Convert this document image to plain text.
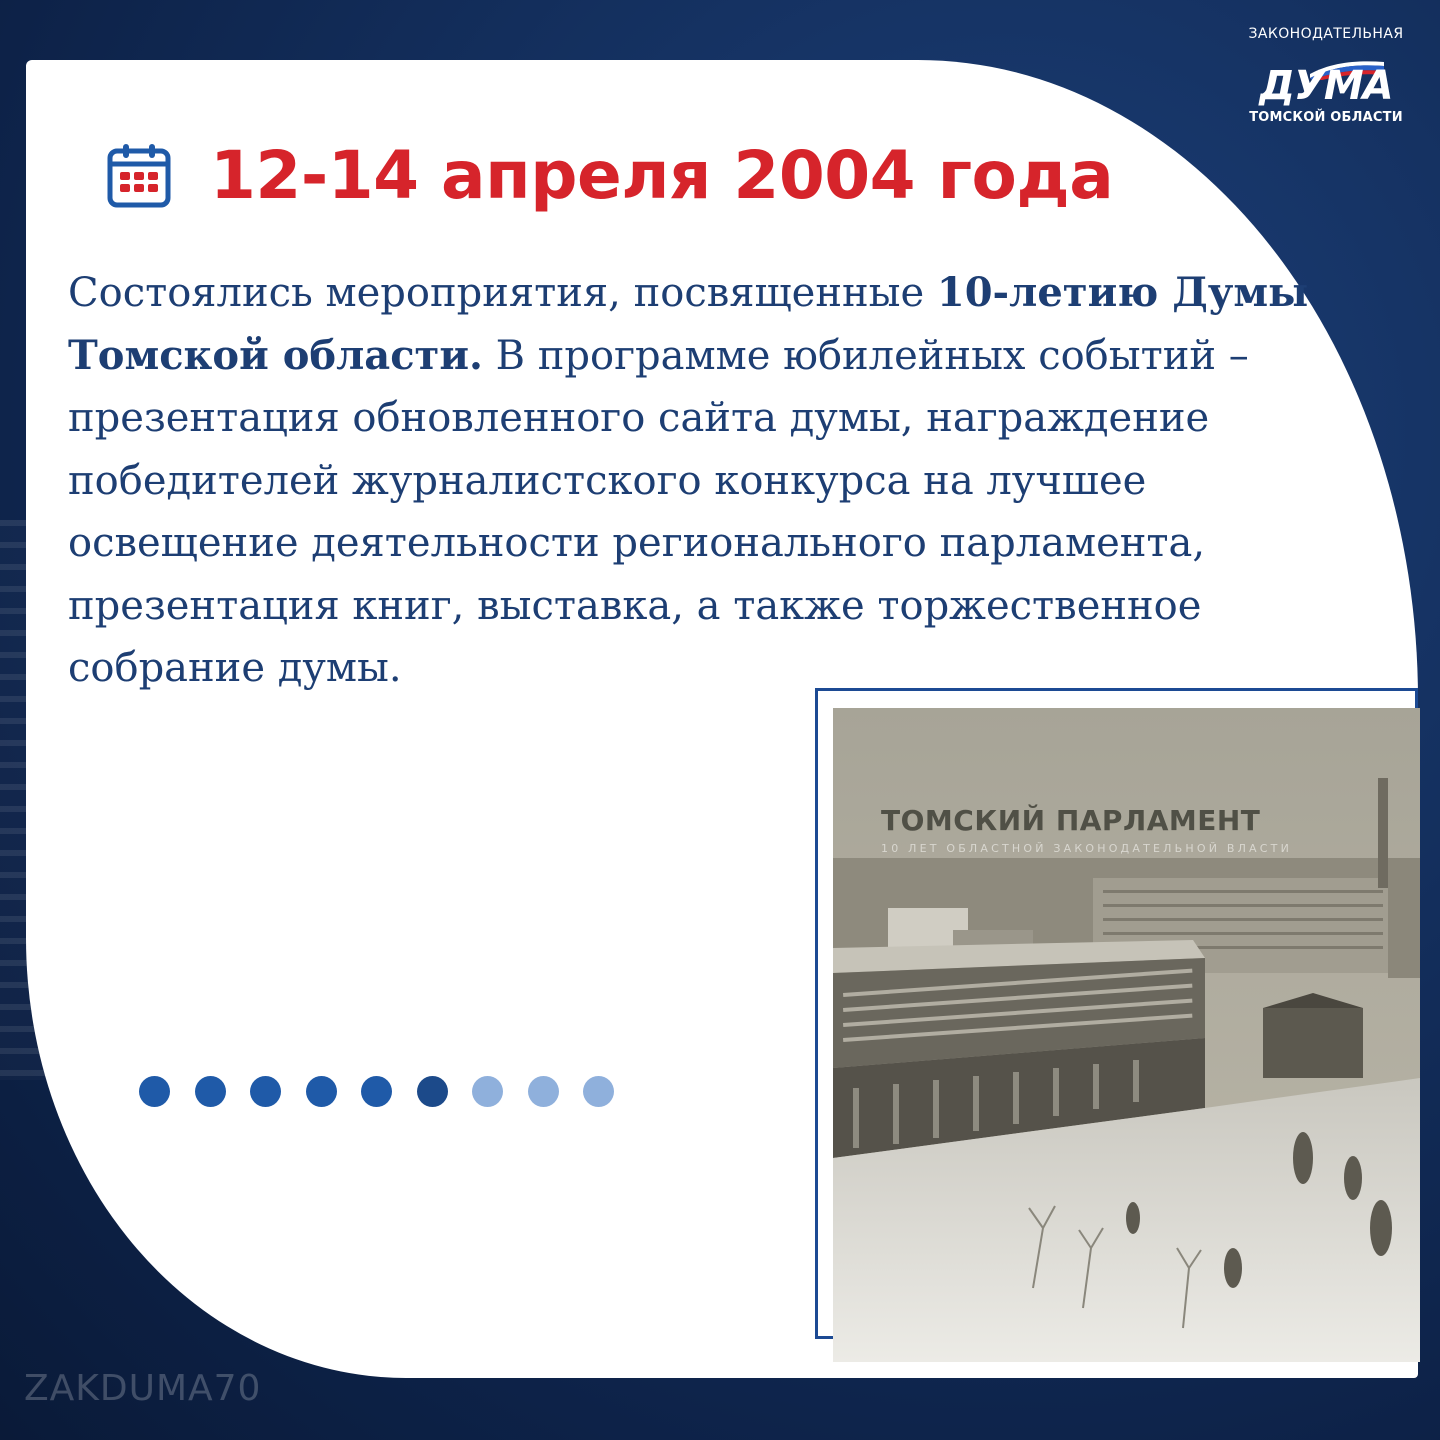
ЗАКОНОДАТЕЛЬНАЯ
ДУМА
ТОМСКОЙ ОБЛАСТИ
12-14 апреля 2004 года

Состоялись мероприятия, посвященные 10-летию Думы Томской области. В программе юбилейных событий – презентация обновленного сайта думы, награждение победителей журналистского конкурса на лучшее освещение деятельности регионального парламента, презентация книг, выставка, а также торжественное собрание думы.

ТОМСКИЙ ПАРЛАМЕНТ
10 ЛЕТ ОБЛАСТНОЙ ЗАКОНОДАТЕЛЬНОЙ ВЛАСТИ
ZAKDUMA70
